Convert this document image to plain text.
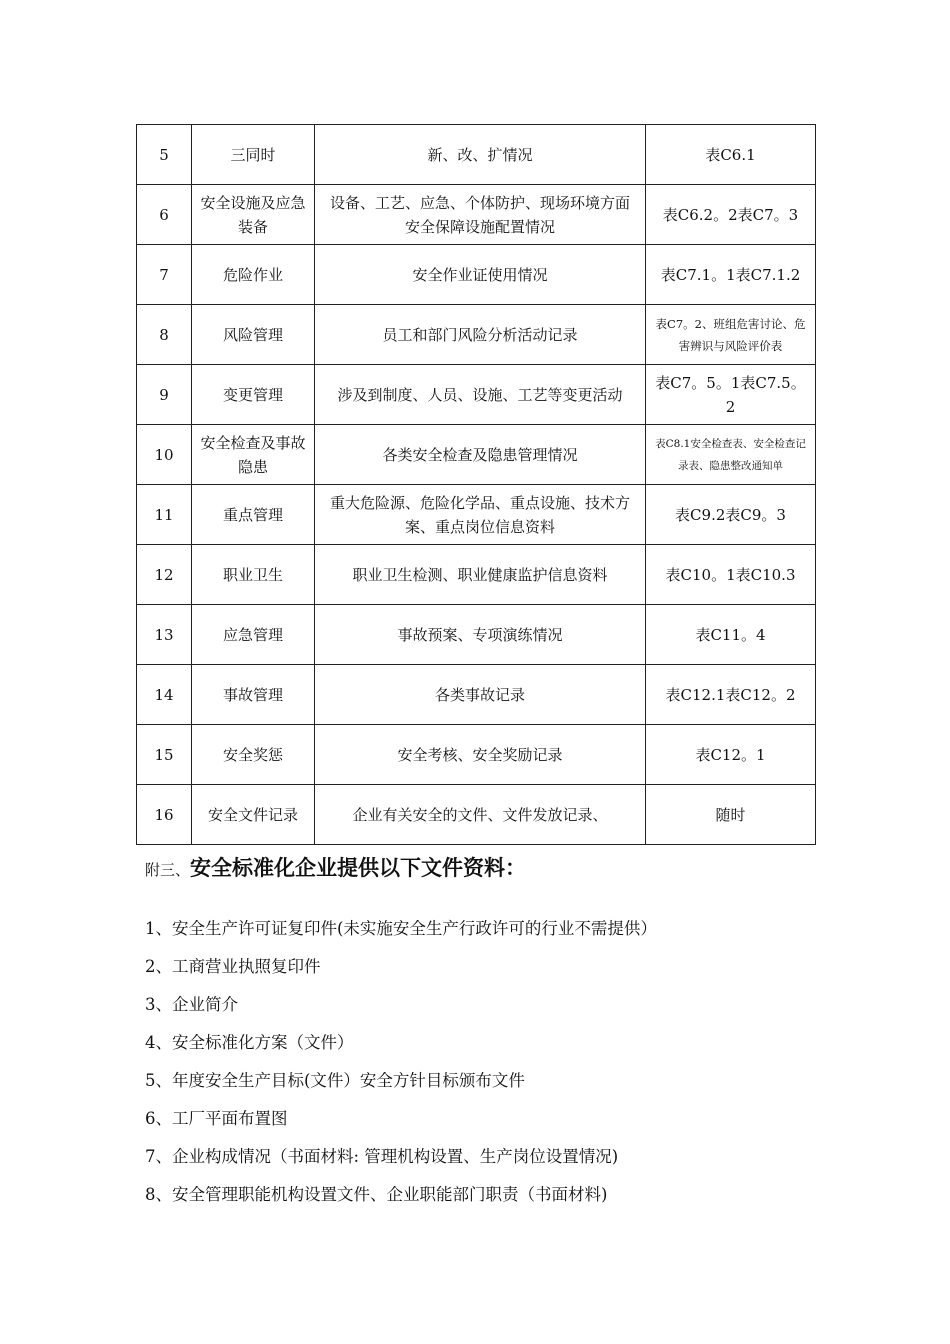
5	三同时	新、改、扩情况	表C6.1
6	安全设施及应急装备	设备、工艺、应急、个体防护、现场环境方面安全保障设施配置情况	表C6.2。2表C7。3
7	危险作业	安全作业证使用情况	表C7.1。1表C7.1.2
8	风险管理	员工和部门风险分析活动记录	表C7。2、班组危害讨论、危害辨识与风险评价表

9	变更管理	涉及到制度、人员、设施、工艺等变更活动	表C7。5。1表C7.5。2
10	安全检查及事故隐患	各类安全检查及隐患管理情况	表C8.1安全检查表、安全检查记录表、隐患整改通知单
11	重点管理	重大危险源、危险化学品、重点设施、技术方案、重点岗位信息资料	表C9.2表C9。3
12	职业卫生	职业卫生检测、职业健康监护信息资料	表C10。1表C10.3
13	应急管理	事故预案、专项演练情况	表C11。4
14	事故管理	各类事故记录	表C12.1表C12。2
15	安全奖惩	安全考核、安全奖励记录	表C12。1
16	安全文件记录	企业有关安全的文件、文件发放记录、	随时
附三、安全标准化企业提供以下文件资料：
1、安全生产许可证复印件(未实施安全生产行政许可的行业不需提供）
2、工商营业执照复印件
3、企业简介
4、安全标准化方案（文件）
5、年度安全生产目标(文件）安全方针目标颁布文件
6、工厂平面布置图
7、企业构成情况（书面材料: 管理机构设置、生产岗位设置情况)
8、安全管理职能机构设置文件、企业职能部门职责（书面材料)
